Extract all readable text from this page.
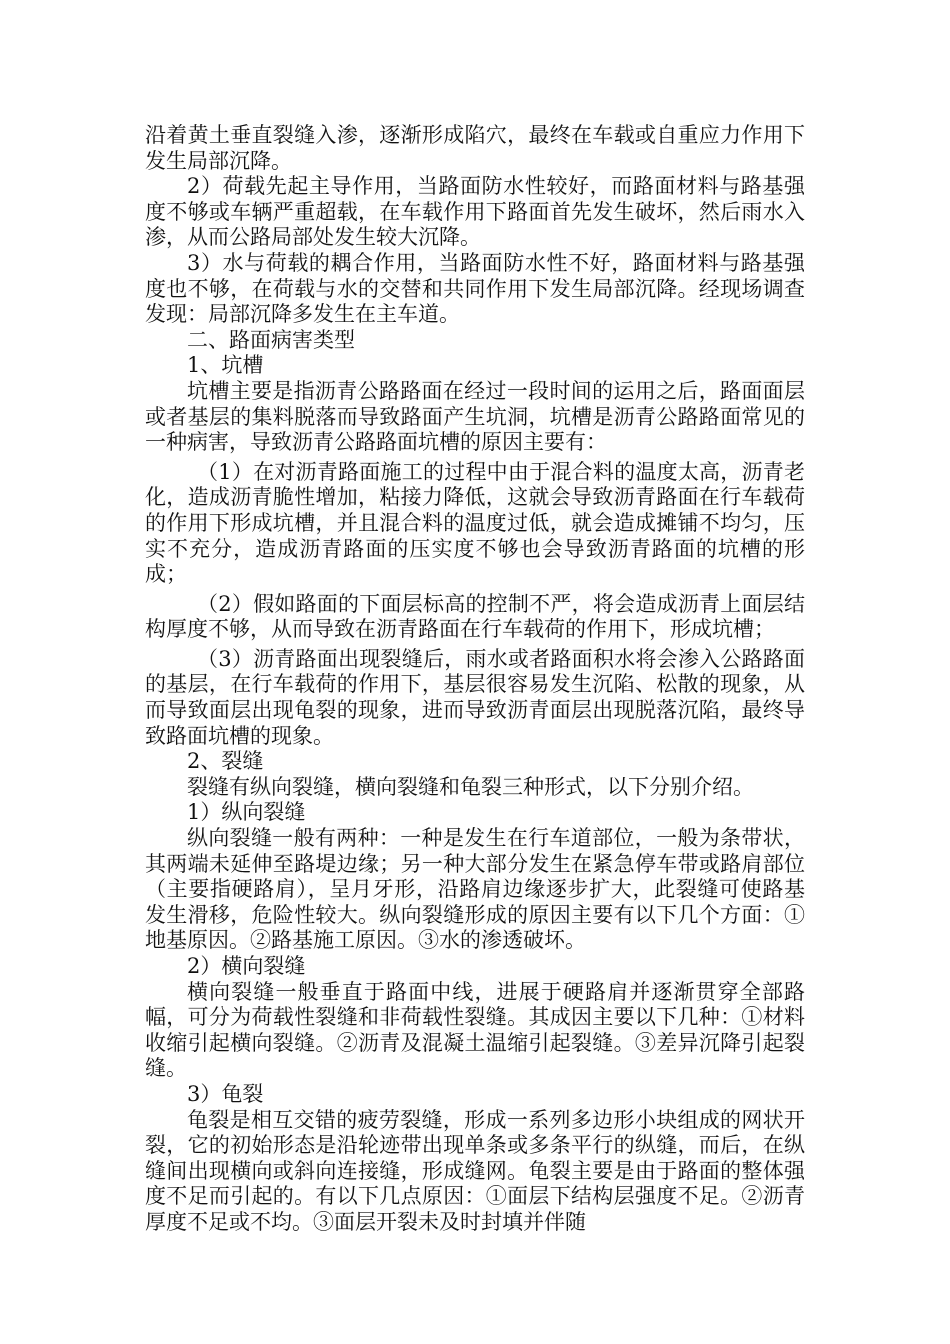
沿着黄土垂直裂缝入渗，逐渐形成陷穴，最终在车载或自重应力作用下发生局部沉降。

2）荷载先起主导作用，当路面防水性较好，而路面材料与路基强度不够或车辆严重超载，在车载作用下路面首先发生破坏，然后雨水入渗，从而公路局部处发生较大沉降。

3）水与荷载的耦合作用，当路面防水性不好，路面材料与路基强度也不够，在荷载与水的交替和共同作用下发生局部沉降。经现场调查发现：局部沉降多发生在主车道。

二、路面病害类型

1、坑槽

坑槽主要是指沥青公路路面在经过一段时间的运用之后，路面面层或者基层的集料脱落而导致路面产生坑洞，坑槽是沥青公路路面常见的一种病害，导致沥青公路路面坑槽的原因主要有：

（1）在对沥青路面施工的过程中由于混合料的温度太高，沥青老化，造成沥青脆性增加，粘接力降低，这就会导致沥青路面在行车载荷的作用下形成坑槽，并且混合料的温度过低，就会造成摊铺不均匀，压实不充分，造成沥青路面的压实度不够也会导致沥青路面的坑槽的形成；

（2）假如路面的下面层标高的控制不严，将会造成沥青上面层结构厚度不够，从而导致在沥青路面在行车载荷的作用下，形成坑槽；

（3）沥青路面出现裂缝后，雨水或者路面积水将会渗入公路路面的基层，在行车载荷的作用下，基层很容易发生沉陷、松散的现象，从而导致面层出现龟裂的现象，进而导致沥青面层出现脱落沉陷，最终导致路面坑槽的现象。

2、裂缝

裂缝有纵向裂缝，横向裂缝和龟裂三种形式，以下分别介绍。

1）纵向裂缝

纵向裂缝一般有两种：一种是发生在行车道部位，一般为条带状，其两端未延伸至路堤边缘；另一种大部分发生在紧急停车带或路肩部位（主要指硬路肩），呈月牙形，沿路肩边缘逐步扩大，此裂缝可使路基发生滑移，危险性较大。纵向裂缝形成的原因主要有以下几个方面：①地基原因。②路基施工原因。③水的渗透破坏。

2）横向裂缝

横向裂缝一般垂直于路面中线，进展于硬路肩并逐渐贯穿全部路幅，可分为荷载性裂缝和非荷载性裂缝。其成因主要以下几种：①材料收缩引起横向裂缝。②沥青及混凝土温缩引起裂缝。③差异沉降引起裂缝。

3）龟裂

龟裂是相互交错的疲劳裂缝，形成一系列多边形小块组成的网状开裂，它的初始形态是沿轮迹带出现单条或多条平行的纵缝，而后，在纵缝间出现横向或斜向连接缝，形成缝网。龟裂主要是由于路面的整体强度不足而引起的。有以下几点原因：①面层下结构层强度不足。②沥青厚度不足或不均。③面层开裂未及时封填并伴随
